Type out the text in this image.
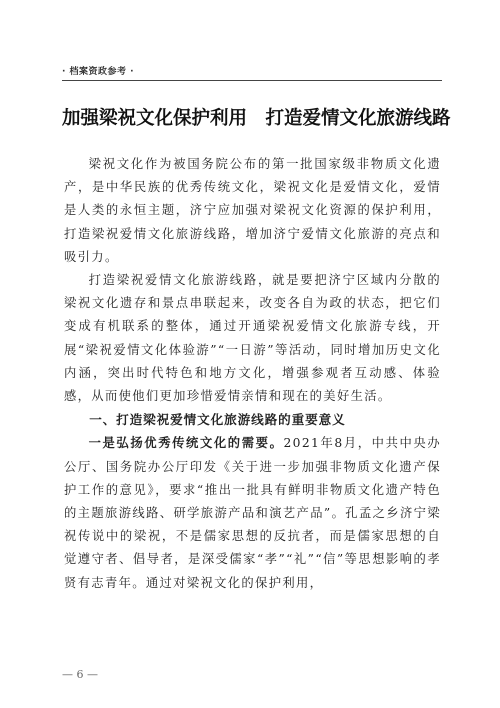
· 档案资政参考 ·
加强梁祝文化保护利用　打造爱情文化旅游线路

梁祝文化作为被国务院公布的第一批国家级非物质文化遗产，是中华民族的优秀传统文化，梁祝文化是爱情文化，爱情是人类的永恒主题，济宁应加强对梁祝文化资源的保护利用，打造梁祝爱情文化旅游线路，增加济宁爱情文化旅游的亮点和吸引力。

打造梁祝爱情文化旅游线路，就是要把济宁区域内分散的梁祝文化遗存和景点串联起来，改变各自为政的状态，把它们变成有机联系的整体，通过开通梁祝爱情文化旅游专线，开展“梁祝爱情文化体验游”“一日游”等活动，同时增加历史文化内涵，突出时代特色和地方文化，增强参观者互动感、体验感，从而使他们更加珍惜爱情亲情和现在的美好生活。

一、打造梁祝爱情文化旅游线路的重要意义

一是弘扬优秀传统文化的需要。2021年8月，中共中央办公厅、国务院办公厅印发《关于进一步加强非物质文化遗产保护工作的意见》，要求“推出一批具有鲜明非物质文化遗产特色的主题旅游线路、研学旅游产品和演艺产品”。孔孟之乡济宁梁祝传说中的梁祝，不是儒家思想的反抗者，而是儒家思想的自觉遵守者、倡导者，是深受儒家“孝”“礼”“信”等思想影响的孝贤有志青年。通过对梁祝文化的保护利用，

— 6 —
